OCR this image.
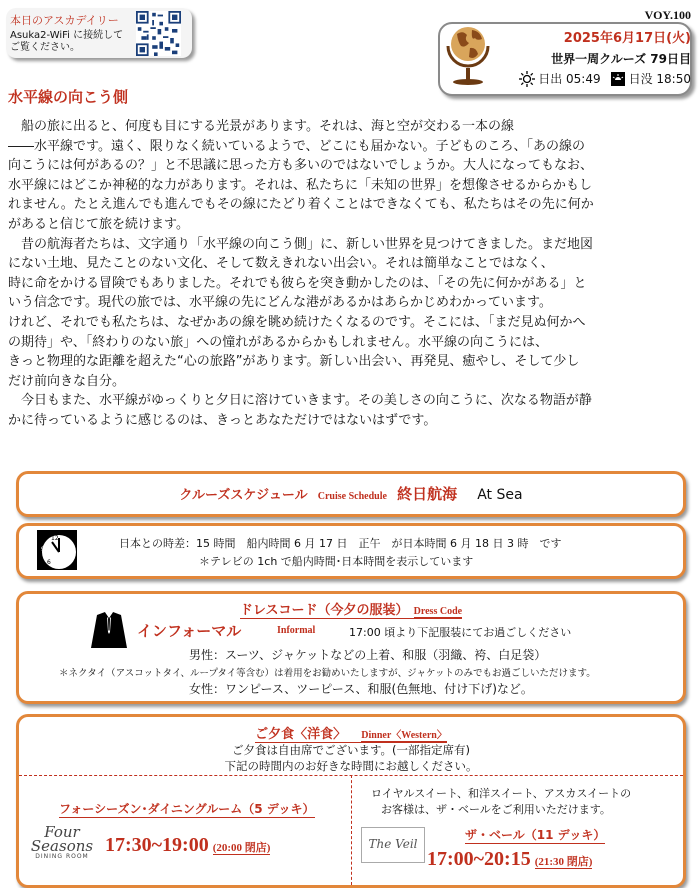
本日のアスカデイリー
Asuka2-WiFi に接続して
ご覧ください。
VOY.100
2025年6月17日(火)
世界一周クルーズ 79日目
日出 05:49 日没 18:50
水平線の向こう側
　船の旅に出ると、何度も目にする光景があります。それは、海と空が交わる一本の線
――水平線です。遠く、限りなく続いているようで、どこにも届かない。子どものころ、「あの線の
向こうには何があるの？」と不思議に思った方も多いのではないでしょうか。大人になってもなお、
水平線にはどこか神秘的な力があります。それは、私たちに「未知の世界」を想像させるからかもし
れません。たとえ進んでも進んでもその線にたどり着くことはできなくても、私たちはその先に何か
があると信じて旅を続けます。
　昔の航海者たちは、文字通り「水平線の向こう側」に、新しい世界を見つけてきました。まだ地図
にない土地、見たことのない文化、そして数えきれない出会い。それは簡単なことではなく、
時に命をかける冒険でもありました。それでも彼らを突き動かしたのは、「その先に何かがある」と
いう信念です。現代の旅では、水平線の先にどんな港があるかはあらかじめわかっています。
けれど、それでも私たちは、なぜかあの線を眺め続けたくなるのです。そこには、「まだ見ぬ何かへ
の期待」や、「終わりのない旅」への憧れがあるからかもしれません。水平線の向こうには、
きっと物理的な距離を超えた“心の旅路”があります。新しい出会い、再発見、癒やし、そして少し
だけ前向きな自分。
　今日もまた、水平線がゆっくりと夕日に溶けていきます。その美しさの向こうに、次なる物語が静
かに待っているように感じるのは、きっとあなただけではないはずです。
クルーズスケジュール Cruise Schedule 終日航海 At Sea
12
6
9	日本との時差：15 時間　船内時間 6 月 17 日　正午　が日本時間 6 月 18 日 3 時　です
＊テレビの 1ch で船内時間･日本時間を表示しています
ドレスコード（今夕の服装） Dress Code
インフォーマル	Informal	17:00 頃より下記服装にてお過ごしください
男性：スーツ、ジャケットなどの上着、和服（羽織、袴、白足袋）
＊ネクタイ（アスコットタイ、ループタイ等含む）は着用をお勧めいたしますが、ジャケットのみでもお過ごしいただけます。
女性：ワンピース、ツーピース、和服(色無地、付け下げ)など。
ご夕食〈洋食〉 Dinner〈Western〉
ご夕食は自由席でございます。(一部指定席有)
下記の時間内のお好きな時間にお越しください。
フォーシーズン･ダイニングルーム（5 デッキ）
Four
Seasons
DINING ROOM
17:30~19:00 (20:00 閉店)
ロイヤルスイート、和洋スイート、アスカスイートの
お客様は、ザ・ベールをご利用いただけます。
The Veil
ザ・ベール（11 デッキ）
17:00~20:15 (21:30 閉店)
